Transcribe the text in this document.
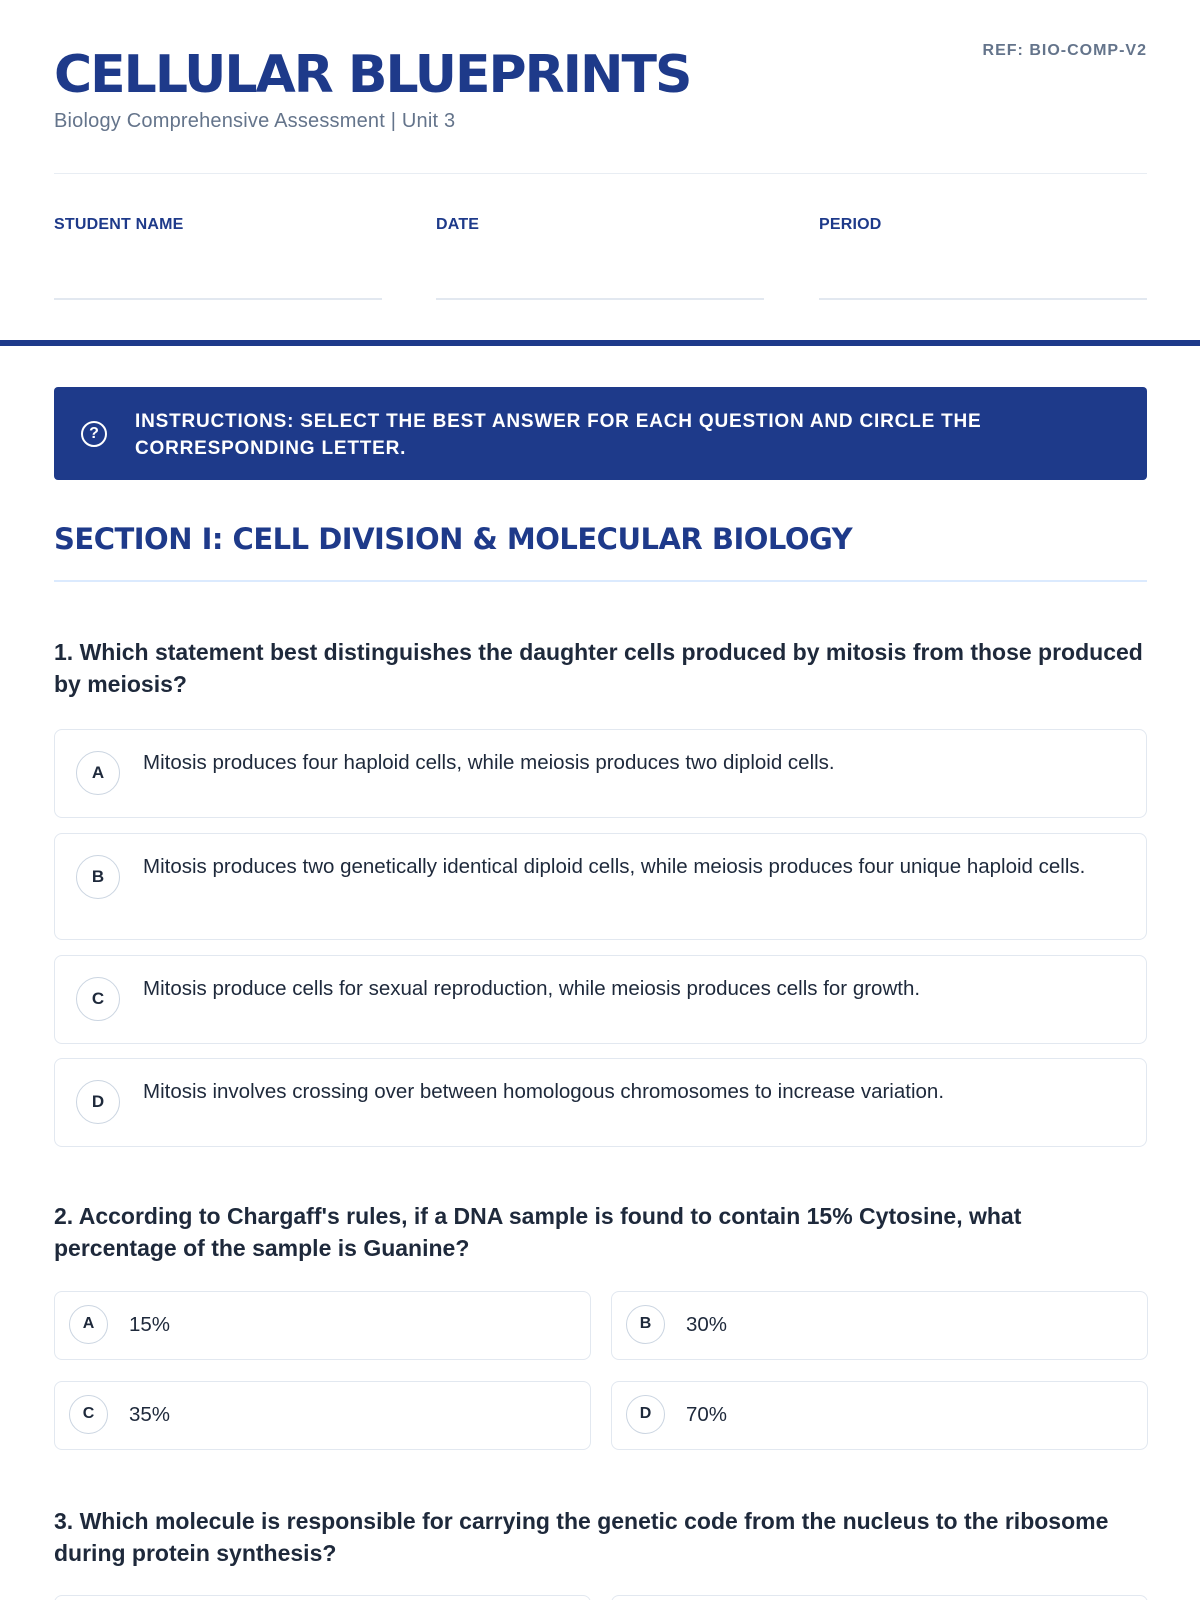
CELLULAR BLUEPRINTS
Biology Comprehensive Assessment | Unit 3
REF: BIO-COMP-V2
STUDENT NAME	DATE	PERIOD
?
INSTRUCTIONS: SELECT THE BEST ANSWER FOR EACH QUESTION AND CIRCLE THE CORRESPONDING LETTER.
SECTION I: CELL DIVISION & MOLECULAR BIOLOGY
1. Which statement best distinguishes the daughter cells produced by mitosis from those produced by meiosis?
A	Mitosis produces four haploid cells, while meiosis produces two diploid cells.
B	Mitosis produces two genetically identical diploid cells, while meiosis produces four unique haploid cells.
C	Mitosis produce cells for sexual reproduction, while meiosis produces cells for growth.
D	Mitosis involves crossing over between homologous chromosomes to increase variation.
2. According to Chargaff's rules, if a DNA sample is found to contain 15% Cytosine, what percentage of the sample is Guanine?
A	15%	B	30%
C	35%	D	70%
3. Which molecule is responsible for carrying the genetic code from the nucleus to the ribosome during protein synthesis?
